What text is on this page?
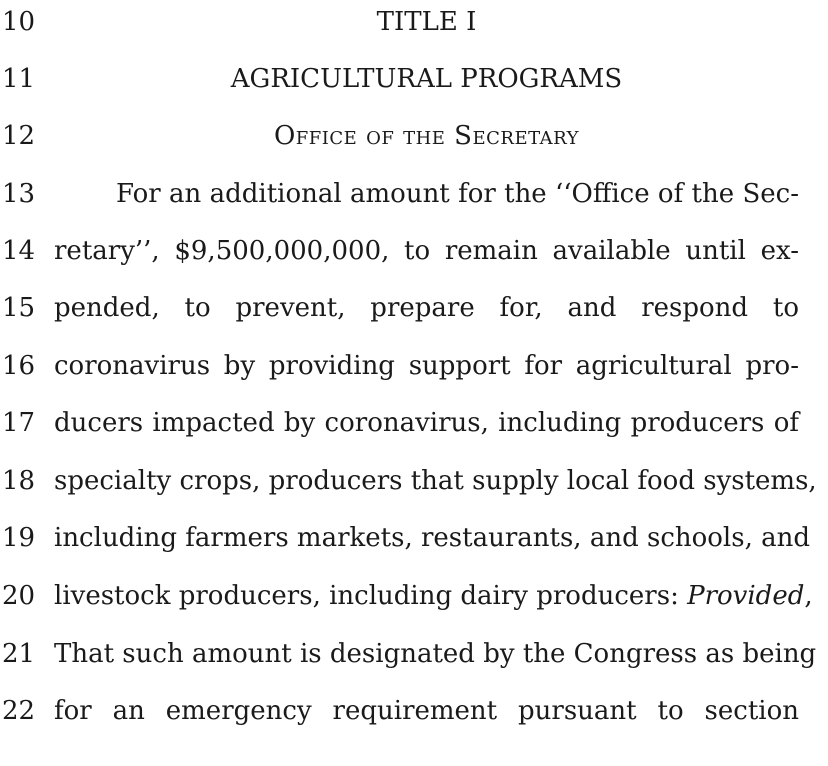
10	TITLE I
11	AGRICULTURAL PROGRAMS
12	Office of the Secretary
13	For an additional amount for the ‘‘Office of the Sec-
14 retary’’, $9,500,000,000, to remain available until ex-
15 pended, to prevent, prepare for, and respond to
16 coronavirus by providing support for agricultural pro-
17 ducers impacted by coronavirus, including producers of
18 specialty crops, producers that supply local food systems,
19 including farmers markets, restaurants, and schools, and
20 livestock producers, including dairy producers: Provided,
21 That such amount is designated by the Congress as being
22 for an emergency requirement pursuant to section
